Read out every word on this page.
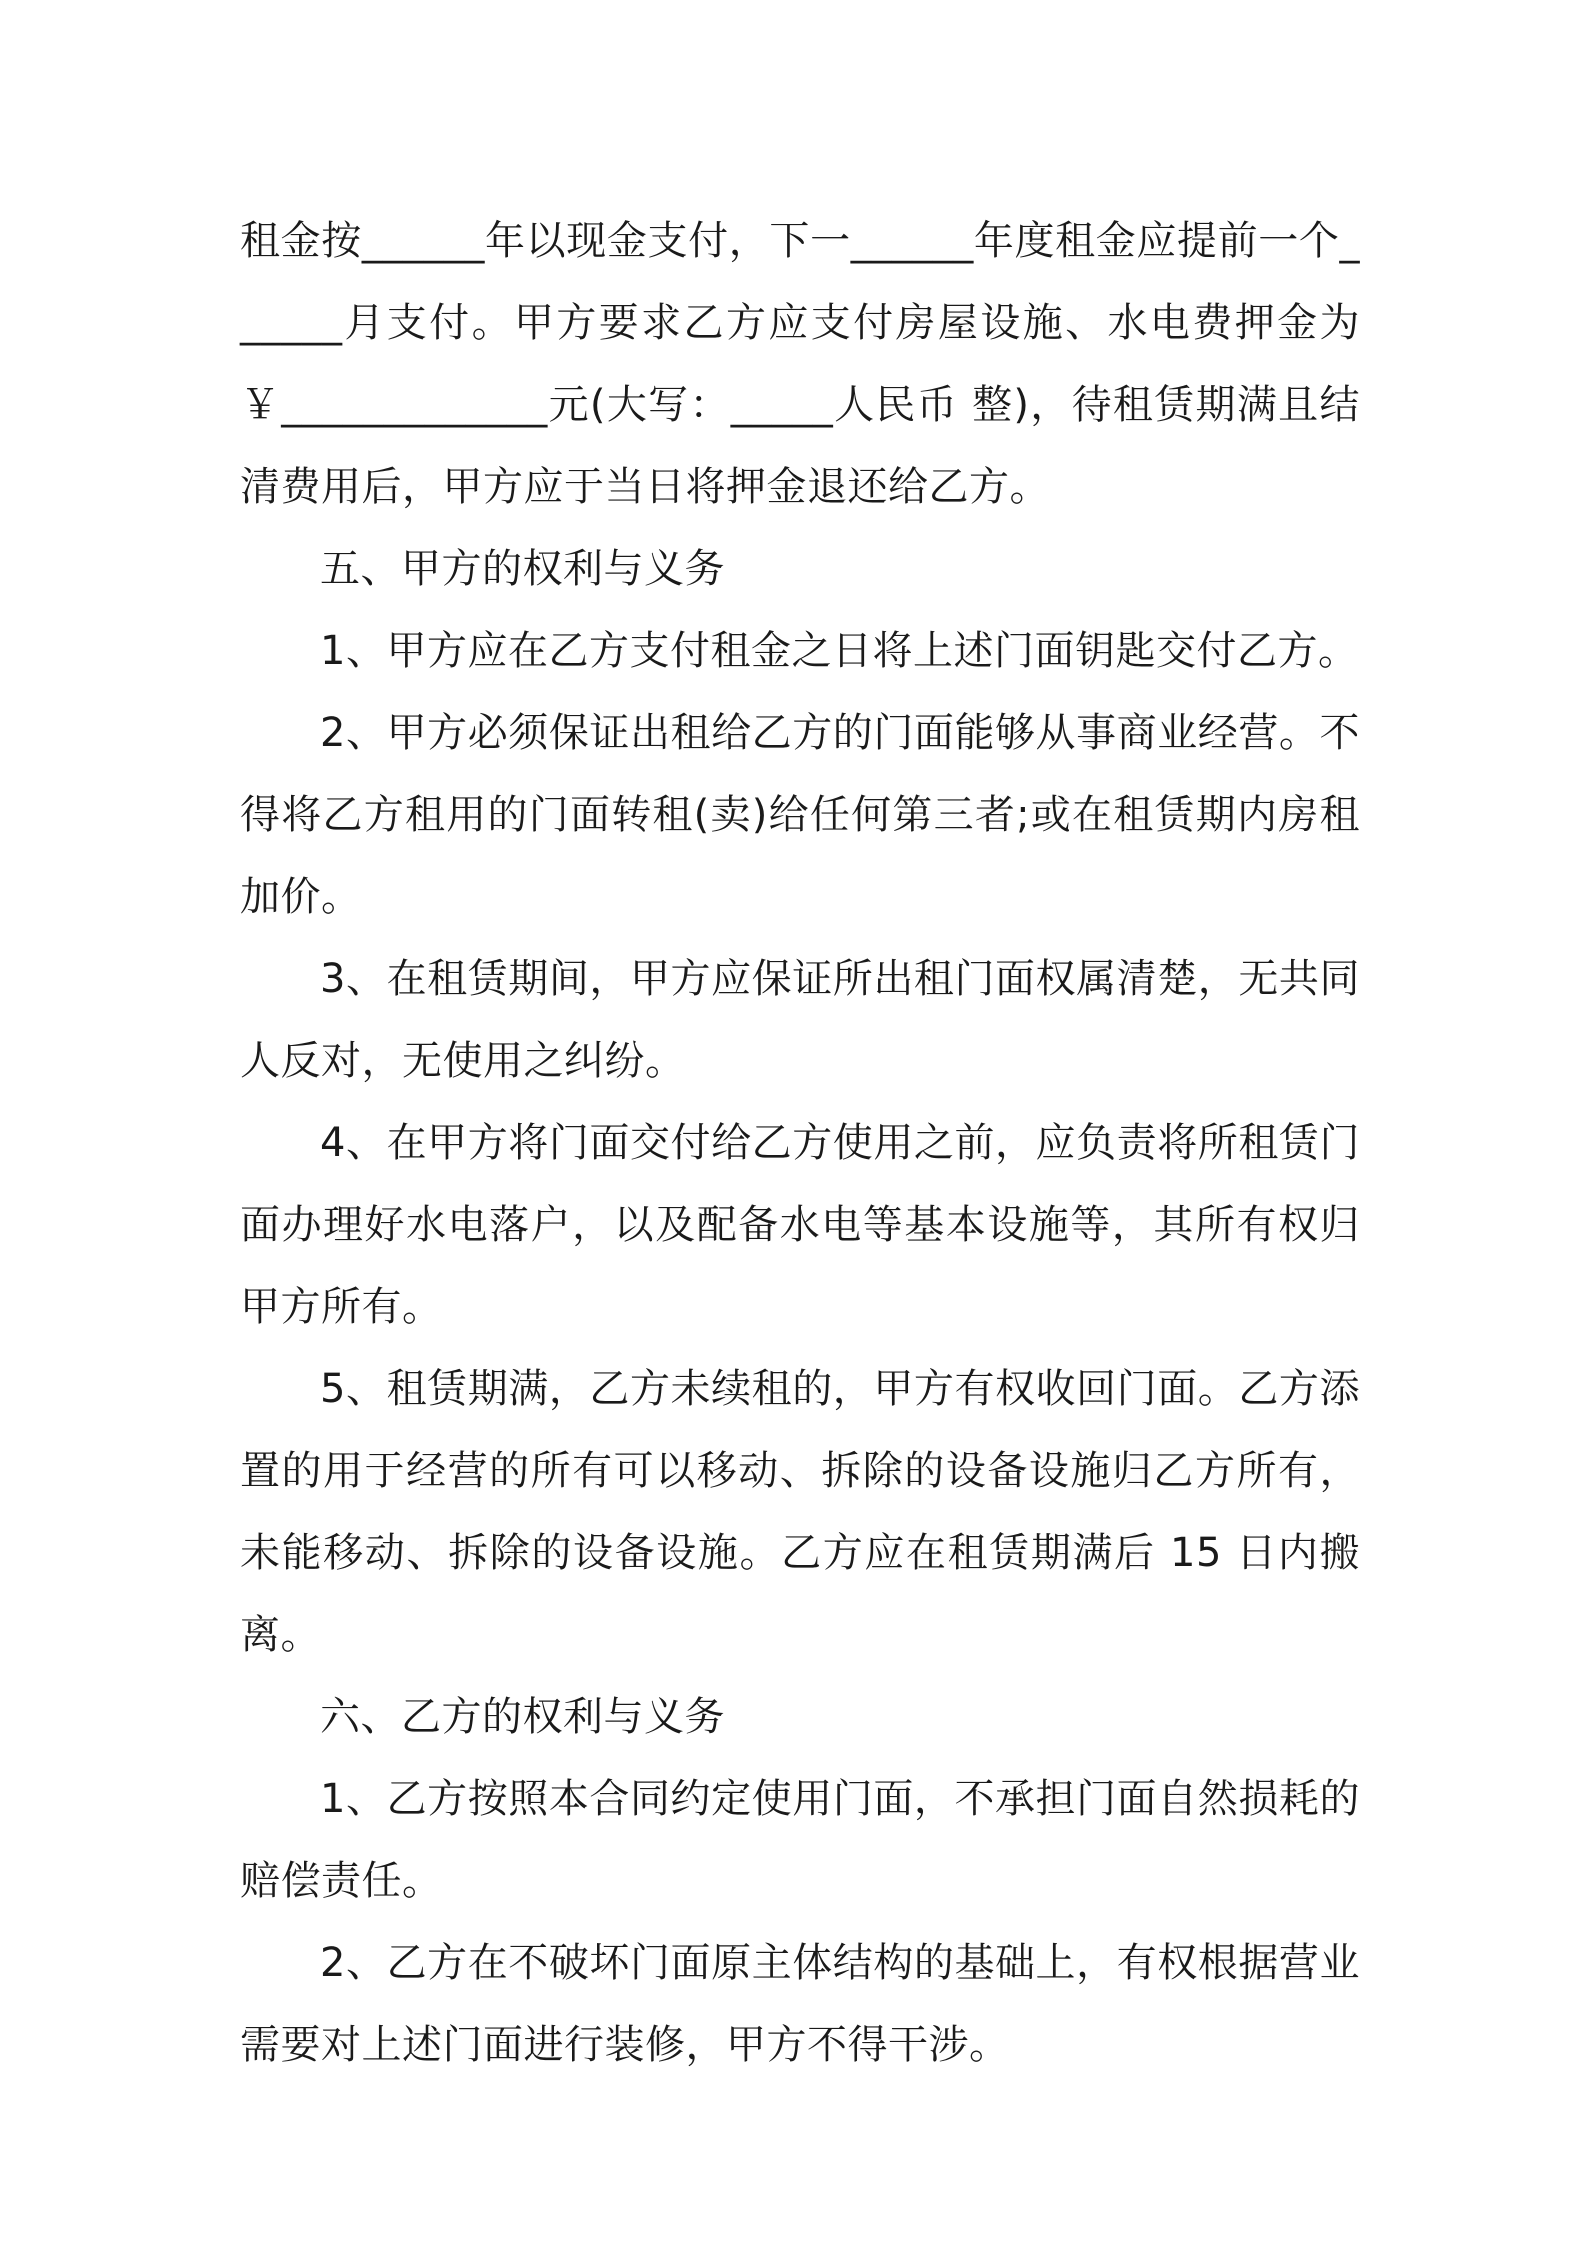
租金按______年以现金支付，下一______年度租金应提前一个______月支付。甲方要求乙方应支付房屋设施、水电费押金为￥_____________元(大写：_____人民币 整)，待租赁期满且结清费用后，甲方应于当日将押金退还给乙方。

五、甲方的权利与义务

1、甲方应在乙方支付租金之日将上述门面钥匙交付乙方。

2、甲方必须保证出租给乙方的门面能够从事商业经营。不得将乙方租用的门面转租(卖)给任何第三者;或在租赁期内房租加价。

3、在租赁期间，甲方应保证所出租门面权属清楚，无共同人反对，无使用之纠纷。

4、在甲方将门面交付给乙方使用之前，应负责将所租赁门面办理好水电落户，以及配备水电等基本设施等，其所有权归甲方所有。

5、租赁期满，乙方未续租的，甲方有权收回门面。乙方添置的用于经营的所有可以移动、拆除的设备设施归乙方所有，未能移动、拆除的设备设施。乙方应在租赁期满后 15 日内搬离。

六、乙方的权利与义务

1、乙方按照本合同约定使用门面，不承担门面自然损耗的赔偿责任。

2、乙方在不破坏门面原主体结构的基础上，有权根据营业需要对上述门面进行装修，甲方不得干涉。
